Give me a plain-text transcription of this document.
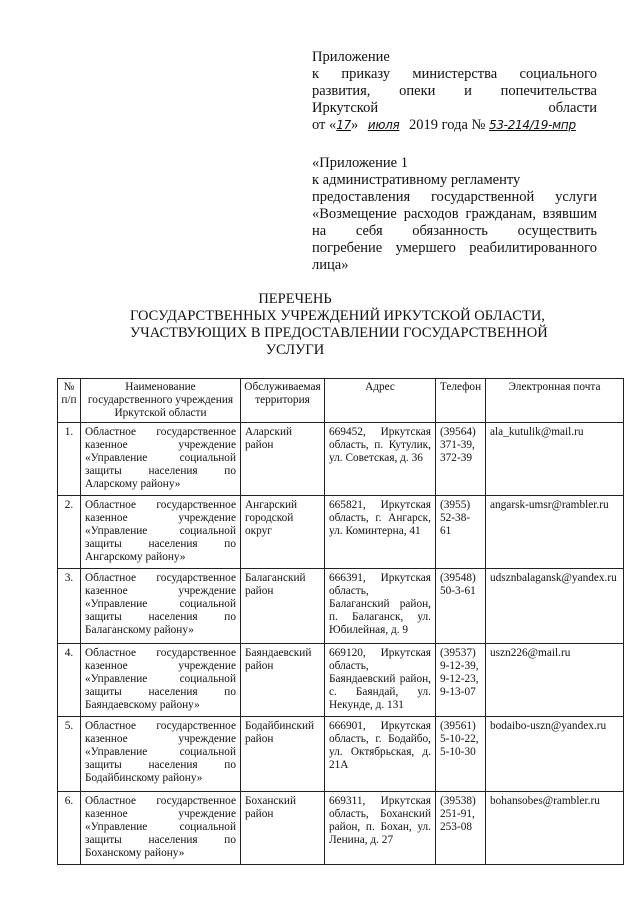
Приложение
к приказу министерства социального
развития, опеки и попечительства
Иркутской области
от «17» июля 2019 года № 53-214/19-мпр
«Приложение 1
к административному регламенту
предоставления государственной услуги
«Возмещение расходов гражданам, взявшим
на себя обязанность осуществить
погребение умершего реабилитированного
лица»
ПЕРЕЧЕНЬ
ГОСУДАРСТВЕННЫХ УЧРЕЖДЕНИЙ ИРКУТСКОЙ ОБЛАСТИ,
УЧАСТВУЮЩИХ В ПРЕДОСТАВЛЕНИИ ГОСУДАРСТВЕННОЙ
УСЛУГИ
№ п/п	Наименование государственного учреждения Иркутской области	Обслуживаемая территория	Адрес	Телефон	Электронная почта
1.	Областное государственное казенное учреждение «Управление социальной защиты населения по Аларскому району»	Аларский район	669452, Иркутская область, п. Кутулик, ул. Советская, д. 36	(39564) 371-39, 372-39	ala_kutulik@mail.ru
2.	Областное государственное казенное учреждение «Управление социальной защиты населения по Ангарскому району»	Ангарский городской округ	665821, Иркутская область, г. Ангарск, ул. Коминтерна, 41	(3955) 52-38-61	angarsk-umsr@rambler.ru
3.	Областное государственное казенное учреждение «Управление социальной защиты населения по Балаганскому району»	Балаганский район	666391, Иркутская область, Балаганский район, п. Балаганск, ул. Юбилейная, д. 9	(39548) 50-3-61	udsznbalagansk@yandex.ru
4.	Областное государственное казенное учреждение «Управление социальной защиты населения по Баяндаевскому району»	Баяндаевский район	669120, Иркутская область, Баяндаевский район, с. Баяндай, ул. Некунде, д. 131	(39537) 9-12-39, 9-12-23, 9-13-07	uszn226@mail.ru
5.	Областное государственное казенное учреждение «Управление социальной защиты населения по Бодайбинскому району»	Бодайбинский район	666901, Иркутская область, г. Бодайбо, ул. Октябрьская, д. 21А	(39561) 5-10-22, 5-10-30	bodaibo-uszn@yandex.ru
6.	Областное государственное казенное учреждение «Управление социальной защиты населения по Боханскому району»	Боханский район	669311, Иркутская область, Боханский район, п. Бохан, ул. Ленина, д. 27	(39538) 251-91, 253-08	bohansobes@rambler.ru
